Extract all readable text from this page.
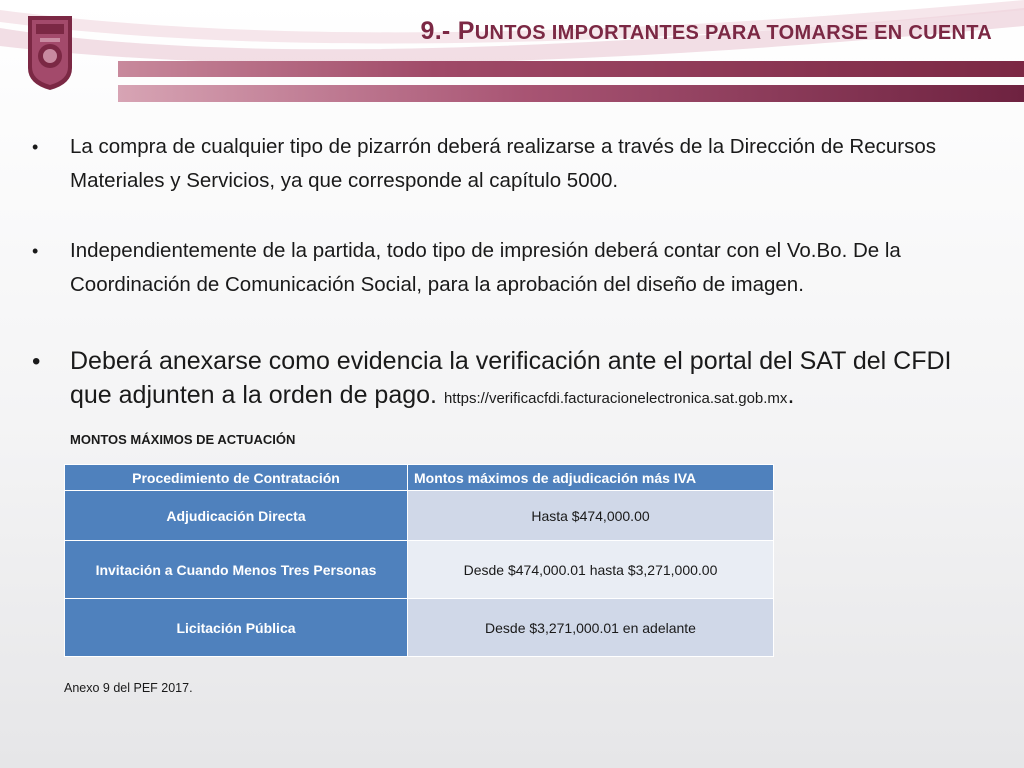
9.- PUNTOS IMPORTANTES PARA TOMARSE EN CUENTA
•	La compra de cualquier tipo de pizarrón deberá realizarse a través de la Dirección de Recursos Materiales y Servicios, ya que corresponde al capítulo 5000.
•	Independientemente de la partida, todo tipo de impresión deberá contar con el Vo.Bo. De la Coordinación de Comunicación Social, para la aprobación del diseño de imagen.
•	Deberá anexarse como evidencia la verificación ante el portal del SAT del CFDI que adjunten a la orden de pago. https://verificacfdi.facturacionelectronica.sat.gob.mx.
MONTOS MÁXIMOS DE ACTUACIÓN
Procedimiento de Contratación	Montos máximos de adjudicación más IVA
Adjudicación Directa	Hasta $474,000.00
Invitación a Cuando Menos Tres Personas	Desde $474,000.01 hasta $3,271,000.00
Licitación Pública	Desde $3,271,000.01 en adelante
Anexo 9 del PEF 2017.
